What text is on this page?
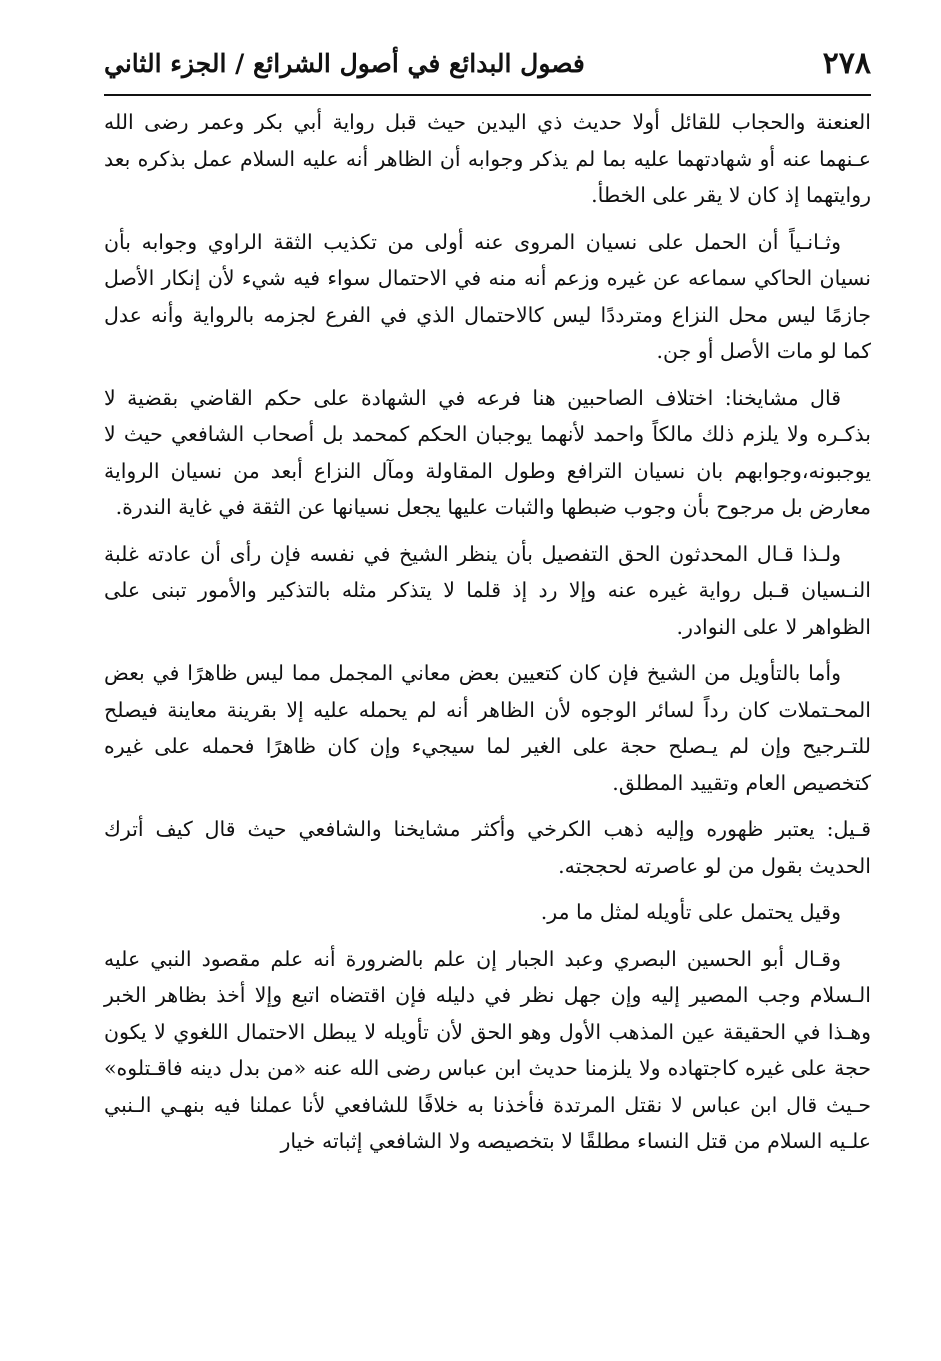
٢٧٨
فصول البدائع في أصول الشرائع / الجزء الثاني

العنعنة والحجاب للقائل أولا حديث ذي اليدين حيث قبل رواية أبي بكر وعمر رضى الله عـنهما عنه أو شهادتهما عليه بما لم يذكر وجوابه أن الظاهر أنه عليه السلام عمل بذكره بعد روايتهما إذ كان لا يقر على الخطأ.

وثـانـياً أن الحمل على نسيان المروى عنه أولى من تكذيب الثقة الراوي وجوابه بأن نسيان الحاكي سماعه عن غيره وزعم أنه منه في الاحتمال سواء فيه شيء لأن إنكار الأصل جازمًا ليس محل النزاع ومترددًا ليس كالاحتمال الذي في الفرع لجزمه بالرواية وأنه عدل كما لو مات الأصل أو جن.

قال مشايخنا: اختلاف الصاحبين هنا فرعه في الشهادة على حكم القاضي بقضية لا بذكـره ولا يلزم ذلك مالكاً واحمد لأنهما يوجبان الحكم كمحمد بل أصحاب الشافعي حيث لا يوجبونه،وجوابهم بان نسيان الترافع وطول المقاولة ومآل النزاع أبعد من نسيان الرواية معارض بل مرجوح بأن وجوب ضبطها والثبات عليها يجعل نسيانها عن الثقة في غاية الندرة.

ولـذا قـال المحدثون الحق التفصيل بأن ينظر الشيخ في نفسه فإن رأى أن عادته غلبة النـسيان قـبل رواية غيره عنه وإلا رد إذ قلما لا يتذكر مثله بالتذكير والأمور تبنى على الظواهر لا على النوادر.

وأما بالتأويل من الشيخ فإن كان كتعيين بعض معاني المجمل مما ليس ظاهرًا في بعض المحـتملات كان رداً لسائر الوجوه لأن الظاهر أنه لم يحمله عليه إلا بقرينة معاينة فيصلح للتـرجيح وإن لم يـصلح حجة على الغير لما سيجيء وإن كان ظاهرًا فحمله على غيره كتخصيص العام وتقييد المطلق.

قـيل: يعتبر ظهوره وإليه ذهب الكرخي وأكثر مشايخنا والشافعي حيث قال كيف أترك الحديث بقول من لو عاصرته لحججته.

وقيل يحتمل على تأويله لمثل ما مر.

وقـال أبو الحسين البصري وعبد الجبار إن علم بالضرورة أنه علم مقصود النبي عليه الـسلام وجب المصير إليه وإن جهل نظر في دليله فإن اقتضاه اتبع وإلا أخذ بظاهر الخبر وهـذا في الحقيقة عين المذهب الأول وهو الحق لأن تأويله لا يبطل الاحتمال اللغوي لا يكون حجة على غيره كاجتهاده ولا يلزمنا حديث ابن عباس رضى الله عنه «من بدل دينه فاقـتلوه» حـيث قال ابن عباس لا نقتل المرتدة فأخذنا به خلافًا للشافعي لأنا عملنا فيه بنهـي الـنبي علـيه السلام من قتل النساء مطلقًا لا بتخصيصه ولا الشافعي إثباته خيار
